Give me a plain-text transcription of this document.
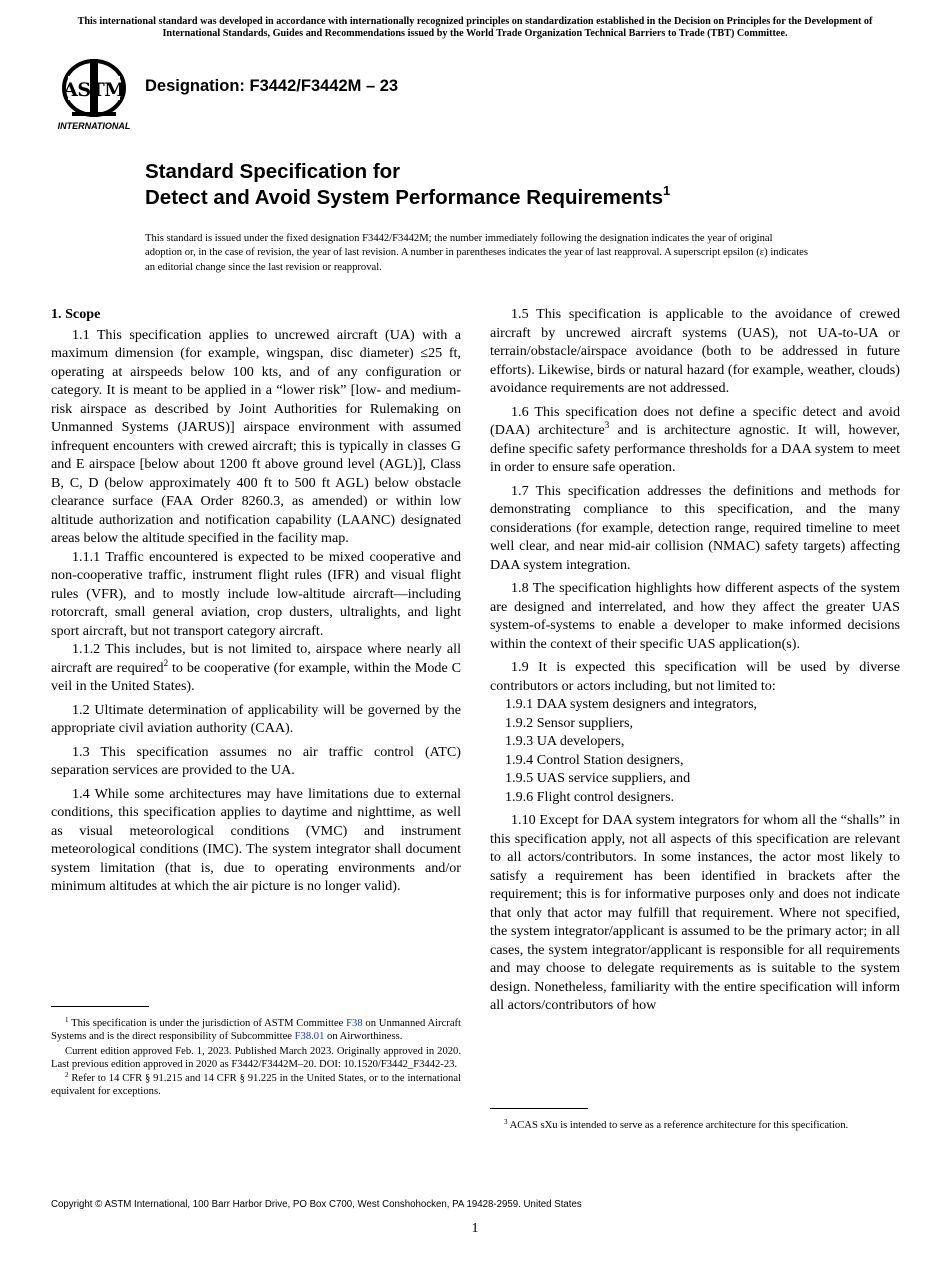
This international standard was developed in accordance with internationally recognized principles on standardization established in the Decision on Principles for the Development of International Standards, Guides and Recommendations issued by the World Trade Organization Technical Barriers to Trade (TBT) Committee.
ASTM
INTERNATIONAL
Designation: F3442/F3442M – 23
Standard Specification for
Detect and Avoid System Performance Requirements$^1$
This standard is issued under the fixed designation F3442/F3442M; the number immediately following the designation indicates the year of original adoption or, in the case of revision, the year of last revision. A number in parentheses indicates the year of last reapproval. A superscript epsilon (ε) indicates an editorial change since the last revision or reapproval.
1. Scope

1.1 This specification applies to uncrewed aircraft (UA) with a maximum dimension (for example, wingspan, disc diameter) ≤25 ft, operating at airspeeds below 100 kts, and of any configuration or category. It is meant to be applied in a “lower risk” [low- and medium-risk airspace as described by Joint Authorities for Rulemaking on Unmanned Systems (JARUS)] airspace environment with assumed infrequent encounters with crewed aircraft; this is typically in classes G and E airspace [below about 1200 ft above ground level (AGL)], Class B, C, D (below approximately 400 ft to 500 ft AGL) below obstacle clearance surface (FAA Order 8260.3, as amended) or within low altitude authorization and notification capability (LAANC) designated areas below the altitude specified in the facility map.

1.1.1 Traffic encountered is expected to be mixed cooperative and non-cooperative traffic, instrument flight rules (IFR) and visual flight rules (VFR), and to mostly include low-altitude aircraft—including rotorcraft, small general aviation, crop dusters, ultralights, and light sport aircraft, but not transport category aircraft.

1.1.2 This includes, but is not limited to, airspace where nearly all aircraft are required$^2$ to be cooperative (for example, within the Mode C veil in the United States).

1.2 Ultimate determination of applicability will be governed by the appropriate civil aviation authority (CAA).

1.3 This specification assumes no air traffic control (ATC) separation services are provided to the UA.

1.4 While some architectures may have limitations due to external conditions, this specification applies to daytime and nighttime, as well as visual meteorological conditions (VMC) and instrument meteorological conditions (IMC). The system integrator shall document system limitation (that is, due to operating environments and/or minimum altitudes at which the air picture is no longer valid).

$^1$ This specification is under the jurisdiction of ASTM Committee F38 on Unmanned Aircraft Systems and is the direct responsibility of Subcommittee F38.01 on Airworthiness.

Current edition approved Feb. 1, 2023. Published March 2023. Originally approved in 2020. Last previous edition approved in 2020 as F3442/F3442M–20. DOI: 10.1520/F3442_F3442-23.

$^2$ Refer to 14 CFR § 91.215 and 14 CFR § 91.225 in the United States, or to the international equivalent for exceptions.

1.5 This specification is applicable to the avoidance of crewed aircraft by uncrewed aircraft systems (UAS), not UA-to-UA or terrain/obstacle/airspace avoidance (both to be addressed in future efforts). Likewise, birds or natural hazard (for example, weather, clouds) avoidance requirements are not addressed.

1.6 This specification does not define a specific detect and avoid (DAA) architecture$^3$ and is architecture agnostic. It will, however, define specific safety performance thresholds for a DAA system to meet in order to ensure safe operation.

1.7 This specification addresses the definitions and methods for demonstrating compliance to this specification, and the many considerations (for example, detection range, required timeline to meet well clear, and near mid-air collision (NMAC) safety targets) affecting DAA system integration.

1.8 The specification highlights how different aspects of the system are designed and interrelated, and how they affect the greater UAS system-of-systems to enable a developer to make informed decisions within the context of their specific UAS application(s).

1.9 It is expected this specification will be used by diverse contributors or actors including, but not limited to:

1.9.1 DAA system designers and integrators,

1.9.2 Sensor suppliers,

1.9.3 UA developers,

1.9.4 Control Station designers,

1.9.5 UAS service suppliers, and

1.9.6 Flight control designers.

1.10 Except for DAA system integrators for whom all the “shalls” in this specification apply, not all aspects of this specification are relevant to all actors/contributors. In some instances, the actor most likely to satisfy a requirement has been identified in brackets after the requirement; this is for informative purposes only and does not indicate that only that actor may fulfill that requirement. Where not specified, the system integrator/applicant is assumed to be the primary actor; in all cases, the system integrator/applicant is responsible for all requirements and may choose to delegate requirements as is suitable to the system design. Nonetheless, familiarity with the entire specification will inform all actors/contributors of how

$^3$ ACAS sXu is intended to serve as a reference architecture for this specification.

Copyright © ASTM International, 100 Barr Harbor Drive, PO Box C700, West Conshohocken, PA 19428-2959. United States
1
